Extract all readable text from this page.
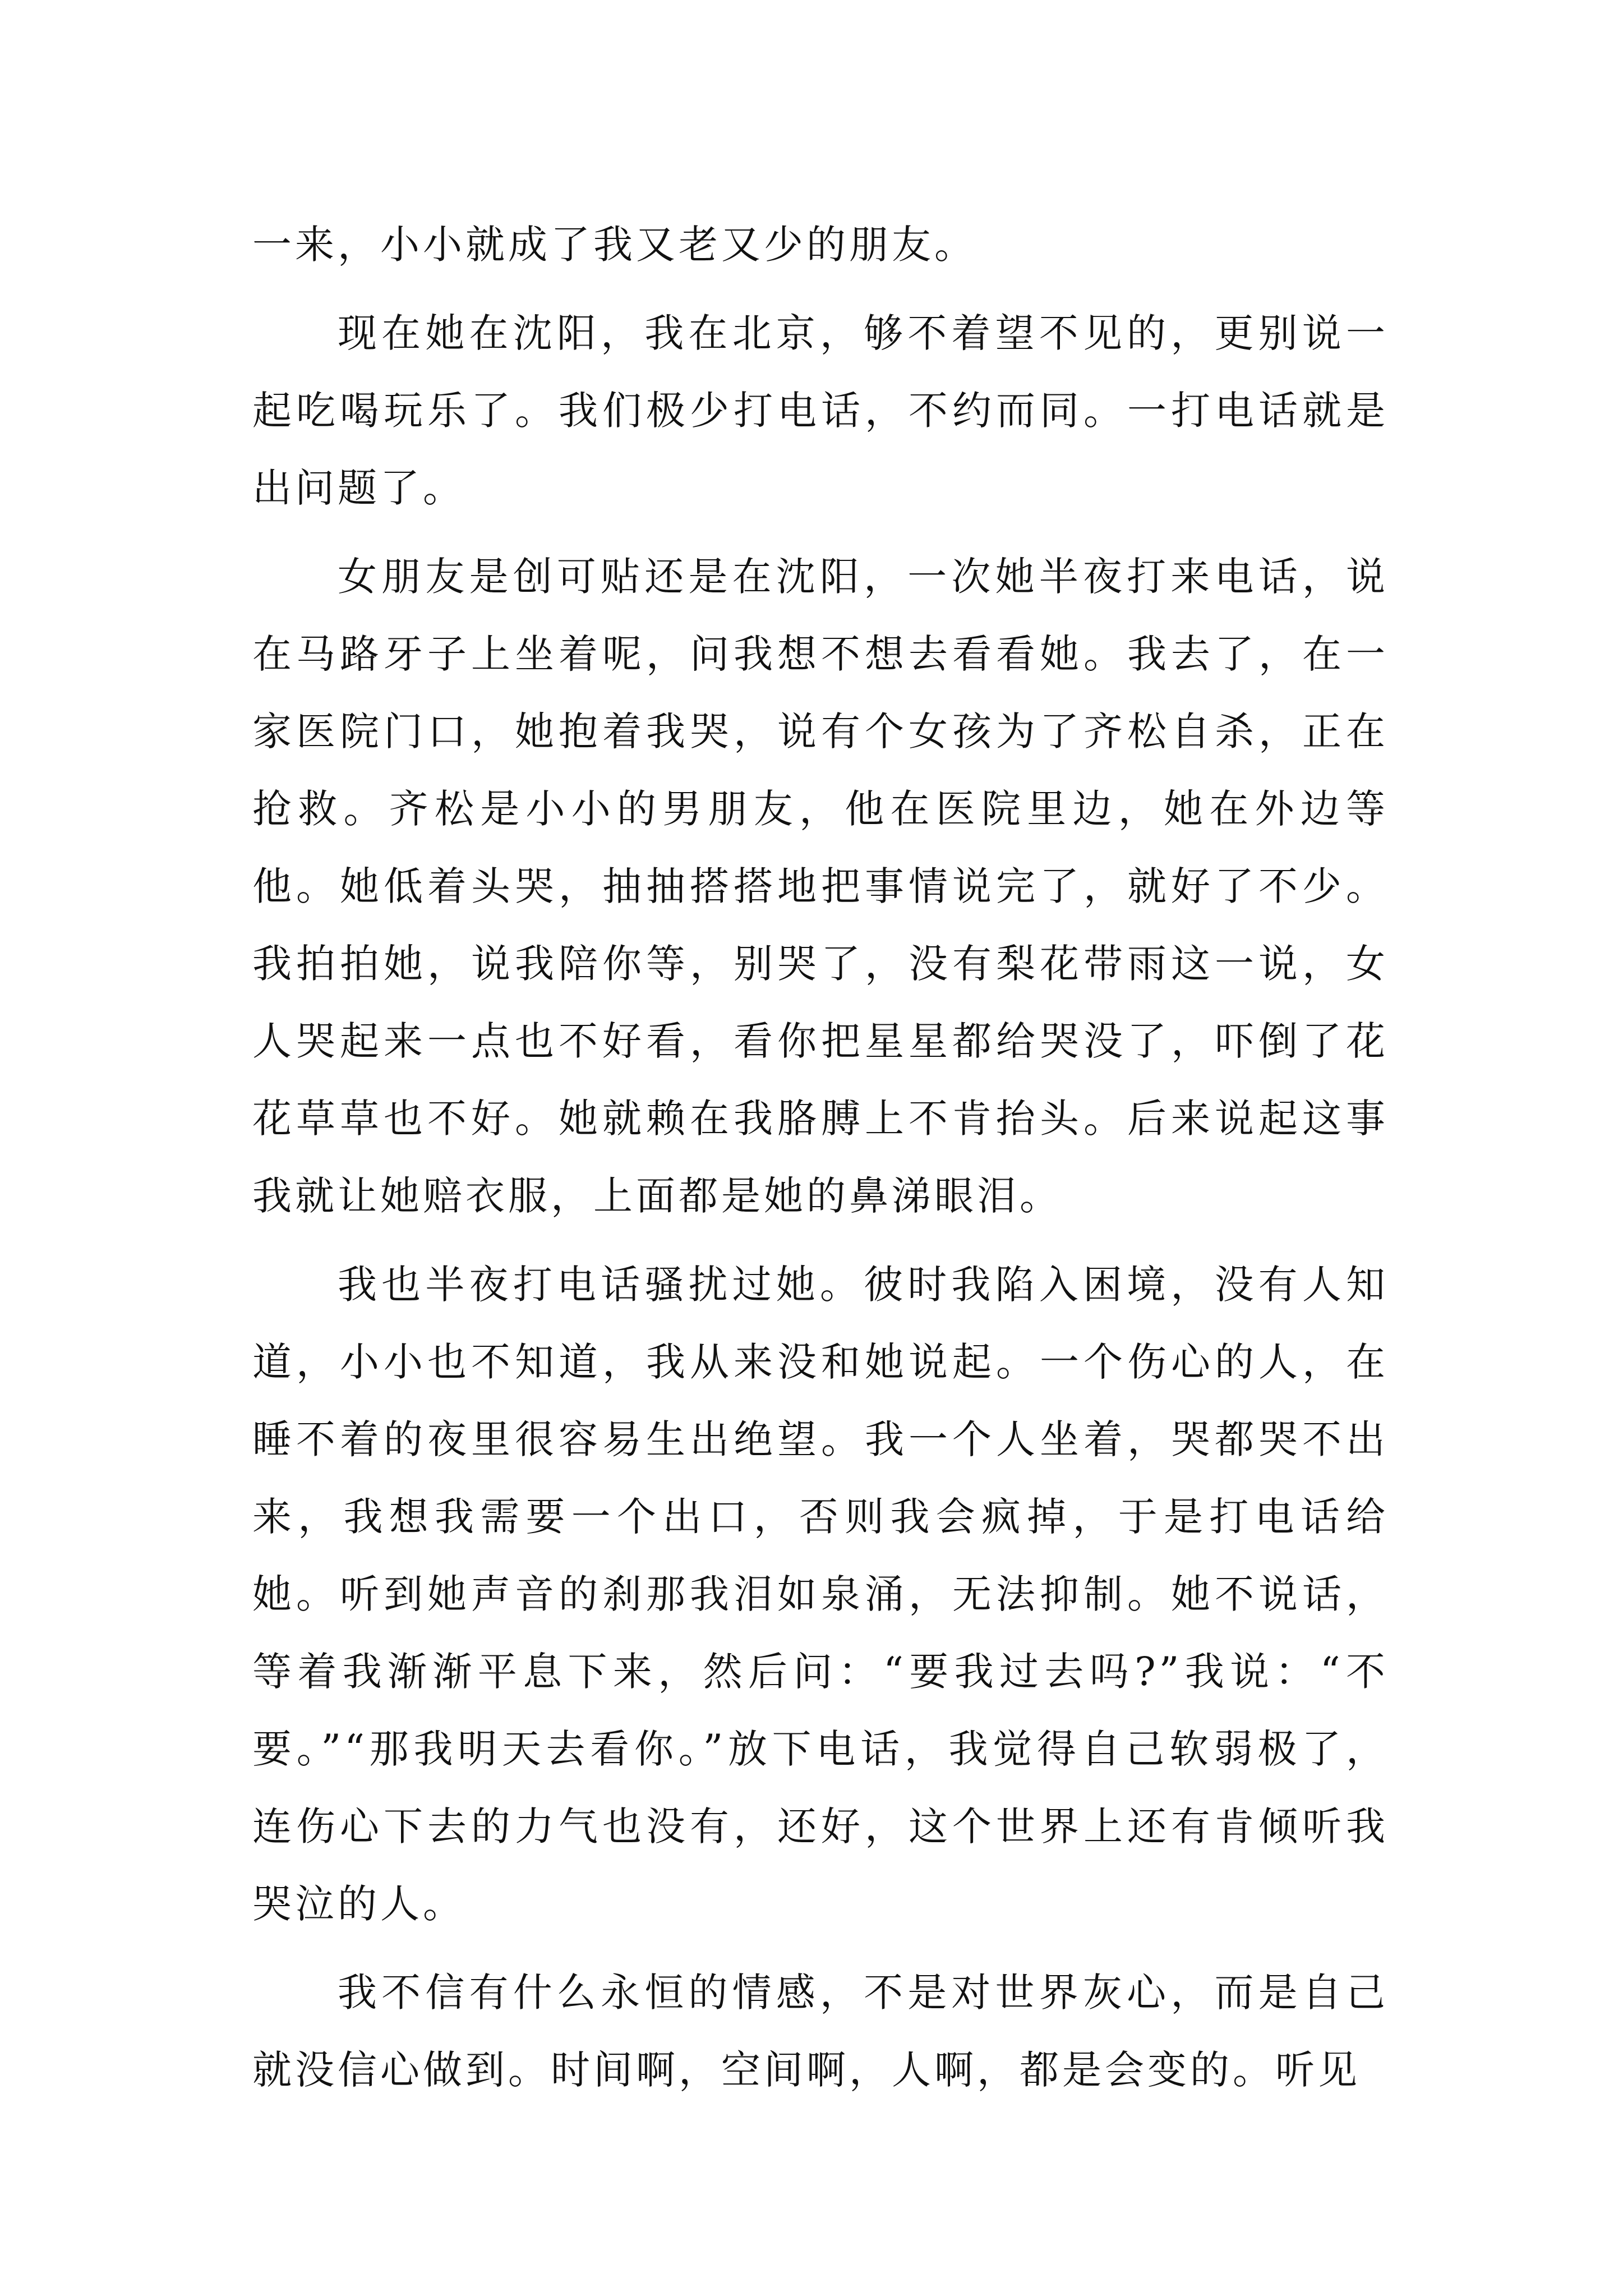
一来，小小就成了我又老又少的朋友。

现在她在沈阳，我在北京，够不着望不见的，更别说一起吃喝玩乐了。我们极少打电话，不约而同。一打电话就是出问题了。

女朋友是创可贴还是在沈阳，一次她半夜打来电话，说在马路牙子上坐着呢，问我想不想去看看她。我去了，在一家医院门口，她抱着我哭，说有个女孩为了齐松自杀，正在抢救。齐松是小小的男朋友，他在医院里边，她在外边等他。她低着头哭，抽抽搭搭地把事情说完了，就好了不少。我拍拍她，说我陪你等，别哭了，没有梨花带雨这一说，女人哭起来一点也不好看，看你把星星都给哭没了，吓倒了花花草草也不好。她就赖在我胳膊上不肯抬头。后来说起这事我就让她赔衣服，上面都是她的鼻涕眼泪。

我也半夜打电话骚扰过她。彼时我陷入困境，没有人知道，小小也不知道，我从来没和她说起。一个伤心的人，在睡不着的夜里很容易生出绝望。我一个人坐着，哭都哭不出来，我想我需要一个出口，否则我会疯掉，于是打电话给她。听到她声音的刹那我泪如泉涌，无法抑制。她不说话，等着我渐渐平息下来，然后问：“要我过去吗?”我说：“不要。”“那我明天去看你。”放下电话，我觉得自己软弱极了，连伤心下去的力气也没有，还好，这个世界上还有肯倾听我哭泣的人。

我不信有什么永恒的情感，不是对世界灰心，而是自己就没信心做到。时间啊，空间啊，人啊，都是会变的。听见
